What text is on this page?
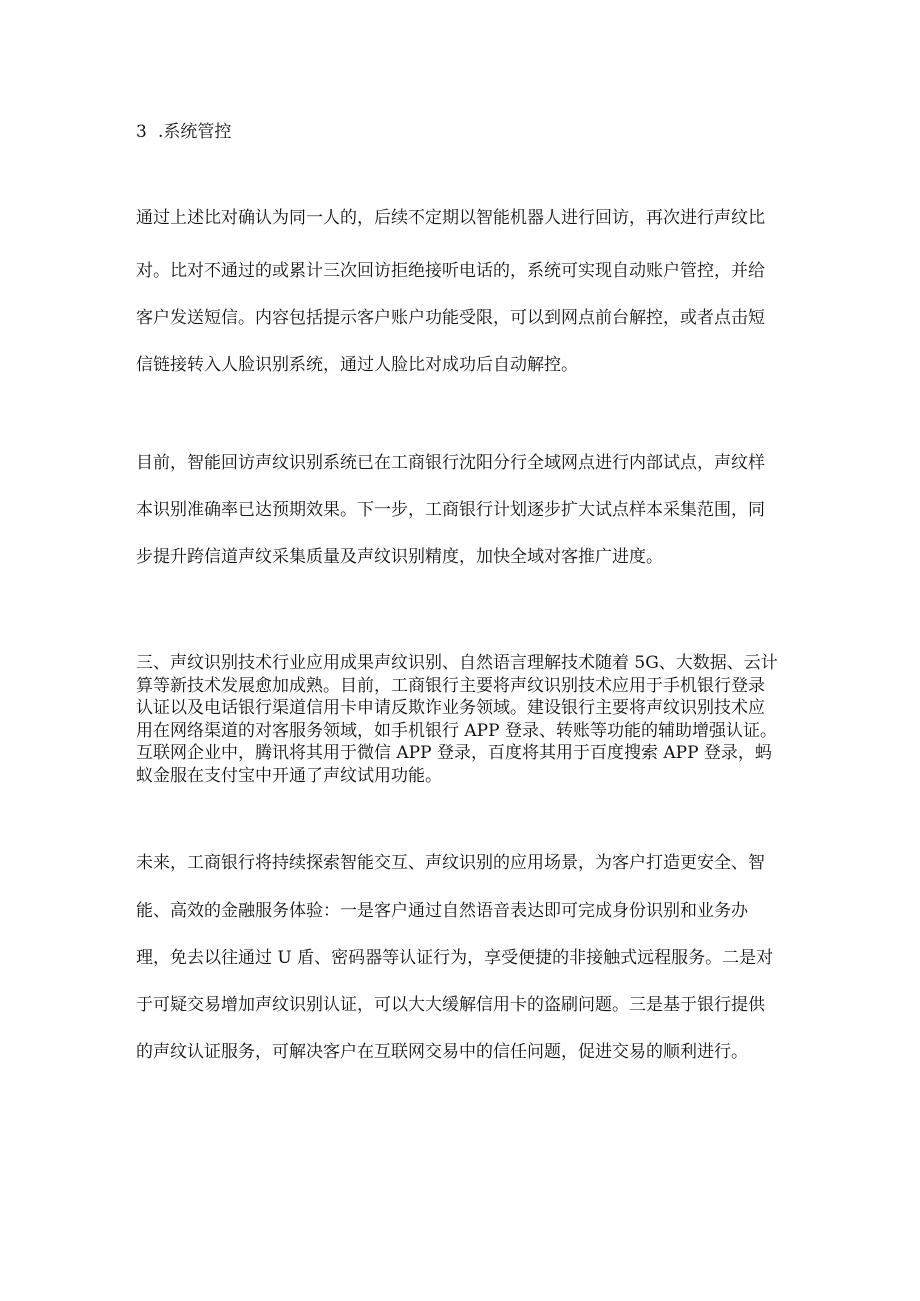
3 .系统管控
通过上述比对确认为同一人的，后续不定期以智能机器人进行回访，再次进行声纹比
对。比对不通过的或累计三次回访拒绝接听电话的，系统可实现自动账户管控，并给
客户发送短信。内容包括提示客户账户功能受限，可以到网点前台解控，或者点击短
信链接转入人脸识别系统，通过人脸比对成功后自动解控。
目前，智能回访声纹识别系统已在工商银行沈阳分行全域网点进行内部试点，声纹样
本识别准确率已达预期效果。下一步，工商银行计划逐步扩大试点样本采集范围，同
步提升跨信道声纹采集质量及声纹识别精度，加快全域对客推广进度。
三、声纹识别技术行业应用成果声纹识别、自然语言理解技术随着 5G、大数据、云计
算等新技术发展愈加成熟。目前，工商银行主要将声纹识别技术应用于手机银行登录
认证以及电话银行渠道信用卡申请反欺诈业务领域。建设银行主要将声纹识别技术应
用在网络渠道的对客服务领域，如手机银行 APP 登录、转账等功能的辅助增强认证。
互联网企业中，腾讯将其用于微信 APP 登录，百度将其用于百度搜索 APP 登录，蚂
蚁金服在支付宝中开通了声纹试用功能。
未来，工商银行将持续探索智能交互、声纹识别的应用场景，为客户打造更安全、智
能、高效的金融服务体验：一是客户通过自然语音表达即可完成身份识别和业务办
理，免去以往通过 U 盾、密码器等认证行为，享受便捷的非接触式远程服务。二是对
于可疑交易增加声纹识别认证，可以大大缓解信用卡的盗刷问题。三是基于银行提供
的声纹认证服务，可解决客户在互联网交易中的信任问题，促进交易的顺利进行。
